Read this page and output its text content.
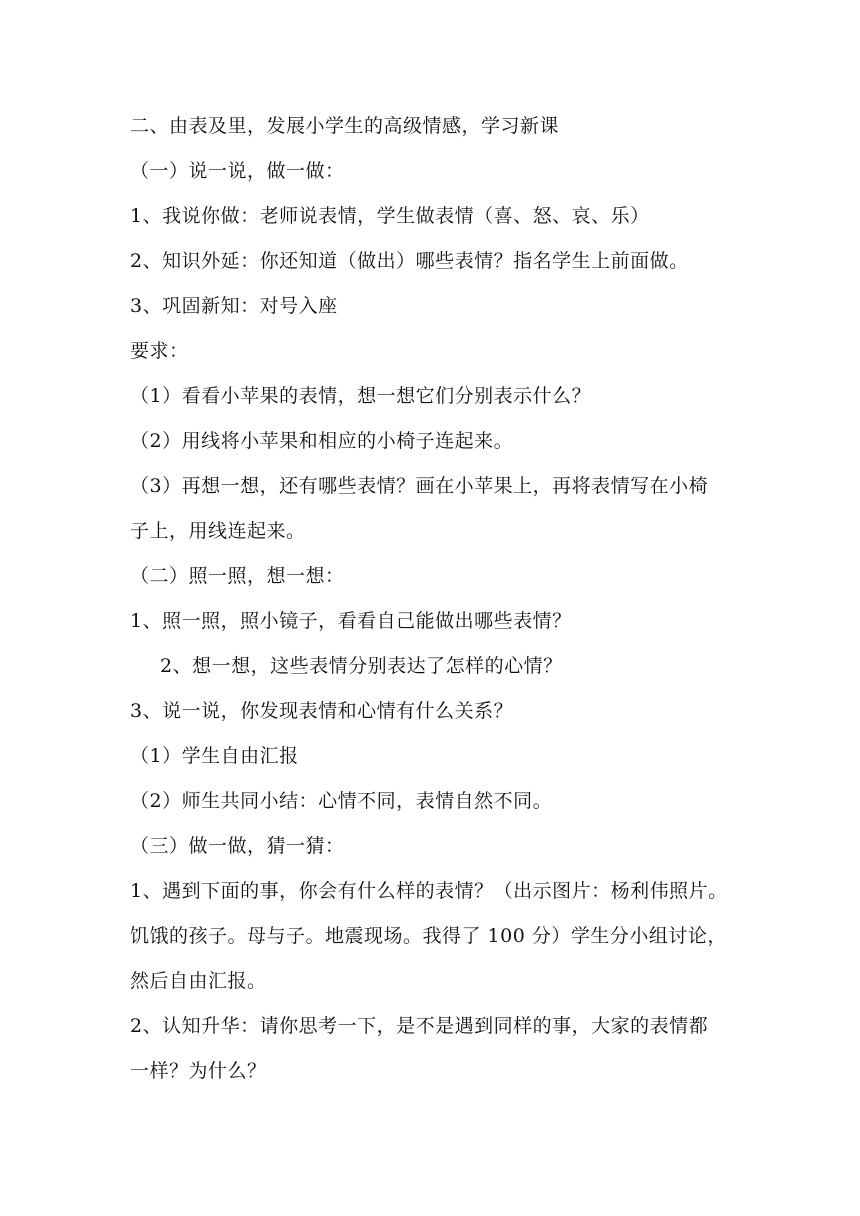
二、由表及里，发展小学生的高级情感，学习新课
（一）说一说，做一做：
1、我说你做：老师说表情，学生做表情（喜、怒、哀、乐）
2、知识外延：你还知道（做出）哪些表情？指名学生上前面做。
3、巩固新知：对号入座
要求：
（1）看看小苹果的表情，想一想它们分别表示什么？
（2）用线将小苹果和相应的小椅子连起来。
（3）再想一想，还有哪些表情？画在小苹果上，再将表情写在小椅
子上，用线连起来。
（二）照一照，想一想：
1、照一照，照小镜子，看看自己能做出哪些表情？
2、想一想，这些表情分别表达了怎样的心情？
3、说一说，你发现表情和心情有什么关系？
（1）学生自由汇报
（2）师生共同小结：心情不同，表情自然不同。
（三）做一做，猜一猜：
1、遇到下面的事，你会有什么样的表情？（出示图片：杨利伟照片。
饥饿的孩子。母与子。地震现场。我得了 100 分）学生分小组讨论，
然后自由汇报。
2、认知升华：请你思考一下，是不是遇到同样的事，大家的表情都
一样？为什么？
